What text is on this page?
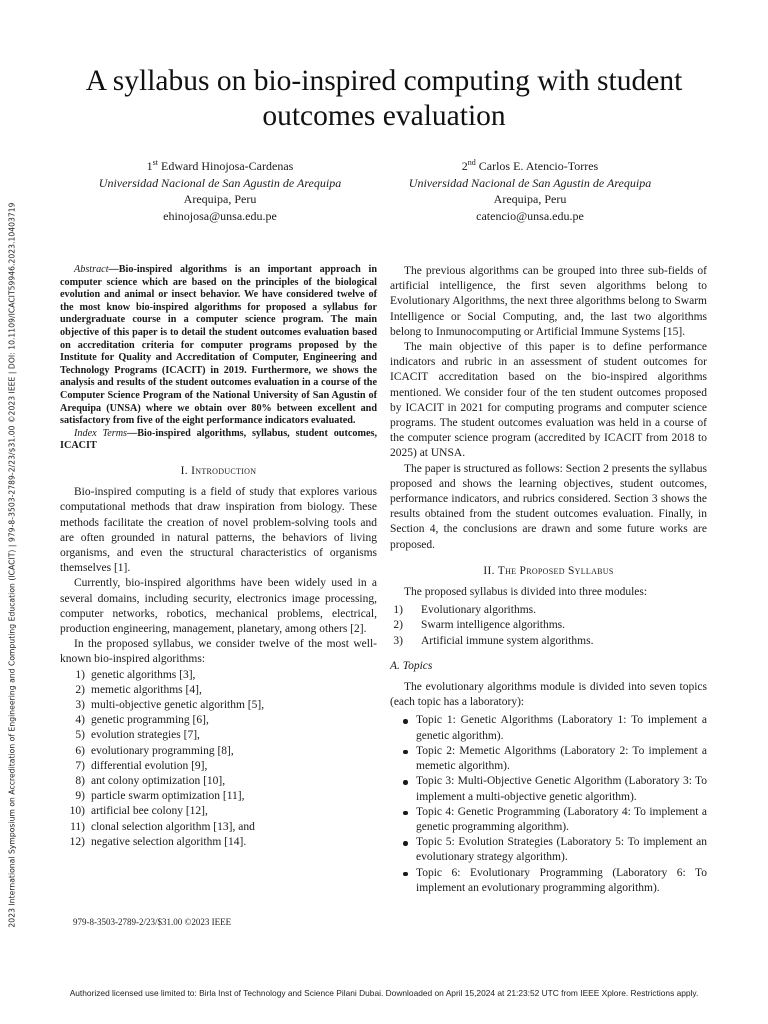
2023 International Symposium on Accreditation of Engineering and Computing Education (ICACIT) | 979-8-3503-2789-2/23/$31.00 ©2023 IEEE | DOI: 10.1109/ICACIT59946.2023.10403719
A syllabus on bio-inspired computing with student outcomes evaluation
1st Edward Hinojosa-Cardenas
Universidad Nacional de San Agustin de Arequipa
Arequipa, Peru
ehinojosa@unsa.edu.pe
2nd Carlos E. Atencio-Torres
Universidad Nacional de San Agustin de Arequipa
Arequipa, Peru
catencio@unsa.edu.pe

Abstract—Bio-inspired algorithms is an important approach in computer science which are based on the principles of the biological evolution and animal or insect behavior. We have considered twelve of the most know bio-inspired algorithms for proposed a syllabus for undergraduate course in a computer science program. The main objective of this paper is to detail the student outcomes evaluation based on accreditation criteria for computer programs proposed by the Institute for Quality and Accreditation of Computer, Engineering and Technology Programs (ICACIT) in 2019. Furthermore, we shows the analysis and results of the student outcomes evaluation in a course of the Computer Science Program of the National University of San Agustin of Arequipa (UNSA) where we obtain over 80% between excellent and satisfactory from five of the eight performance indicators evaluated.

Index Terms—Bio-inspired algorithms, syllabus, student outcomes, ICACIT

I. Introduction

Bio-inspired computing is a field of study that explores various computational methods that draw inspiration from biology. These methods facilitate the creation of novel problem-solving tools and are often grounded in natural patterns, the behaviors of living organisms, and even the structural characteristics of organisms themselves [1].

Currently, bio-inspired algorithms have been widely used in a several domains, including security, electronics image processing, computer networks, robotics, mechanical problems, electrical, production engineering, management, planetary, among others [2].

In the proposed syllabus, we consider twelve of the most well-known bio-inspired algorithms:

1) genetic algorithms [3],
2) memetic algorithms [4],
3) multi-objective genetic algorithm [5],
4) genetic programming [6],
5) evolution strategies [7],
6) evolutionary programming [8],
7) differential evolution [9],
8) ant colony optimization [10],
9) particle swarm optimization [11],
10) artificial bee colony [12],
11) clonal selection algorithm [13], and
12) negative selection algorithm [14].

The previous algorithms can be grouped into three sub-fields of artificial intelligence, the first seven algorithms belong to Evolutionary Algorithms, the next three algorithms belong to Swarm Intelligence or Social Computing, and, the last two algorithms belong to Inmunocomputing or Artificial Immune Systems [15].

The main objective of this paper is to define performance indicators and rubric in an assessment of student outcomes for ICACIT accreditation based on the bio-inspired algorithms mentioned. We consider four of the ten student outcomes proposed by ICACIT in 2021 for computing programs and computer science programs. The student outcomes evaluation was held in a course of the computer science program (accredited by ICACIT from 2018 to 2025) at UNSA.

The paper is structured as follows: Section 2 presents the syllabus proposed and shows the learning objectives, student outcomes, performance indicators, and rubrics considered. Section 3 shows the results obtained from the student outcomes evaluation. Finally, in Section 4, the conclusions are drawn and some future works are proposed.

II. The Proposed Syllabus

The proposed syllabus is divided into three modules:

1) Evolutionary algorithms.
2) Swarm intelligence algorithms.
3) Artificial immune system algorithms.
A. Topics

The evolutionary algorithms module is divided into seven topics (each topic has a laboratory):

Topic 1: Genetic Algorithms (Laboratory 1: To implement a genetic algorithm).
Topic 2: Memetic Algorithms (Laboratory 2: To implement a memetic algorithm).
Topic 3: Multi-Objective Genetic Algorithm (Laboratory 3: To implement a multi-objective genetic algorithm).
Topic 4: Genetic Programming (Laboratory 4: To implement a genetic programming algorithm).
Topic 5: Evolution Strategies (Laboratory 5: To implement an evolutionary strategy algorithm).
Topic 6: Evolutionary Programming (Laboratory 6: To implement an evolutionary programming algorithm).
979-8-3503-2789-2/23/$31.00 ©2023 IEEE
Authorized licensed use limited to: Birla Inst of Technology and Science Pilani Dubai. Downloaded on April 15,2024 at 21:23:52 UTC from IEEE Xplore. Restrictions apply.
